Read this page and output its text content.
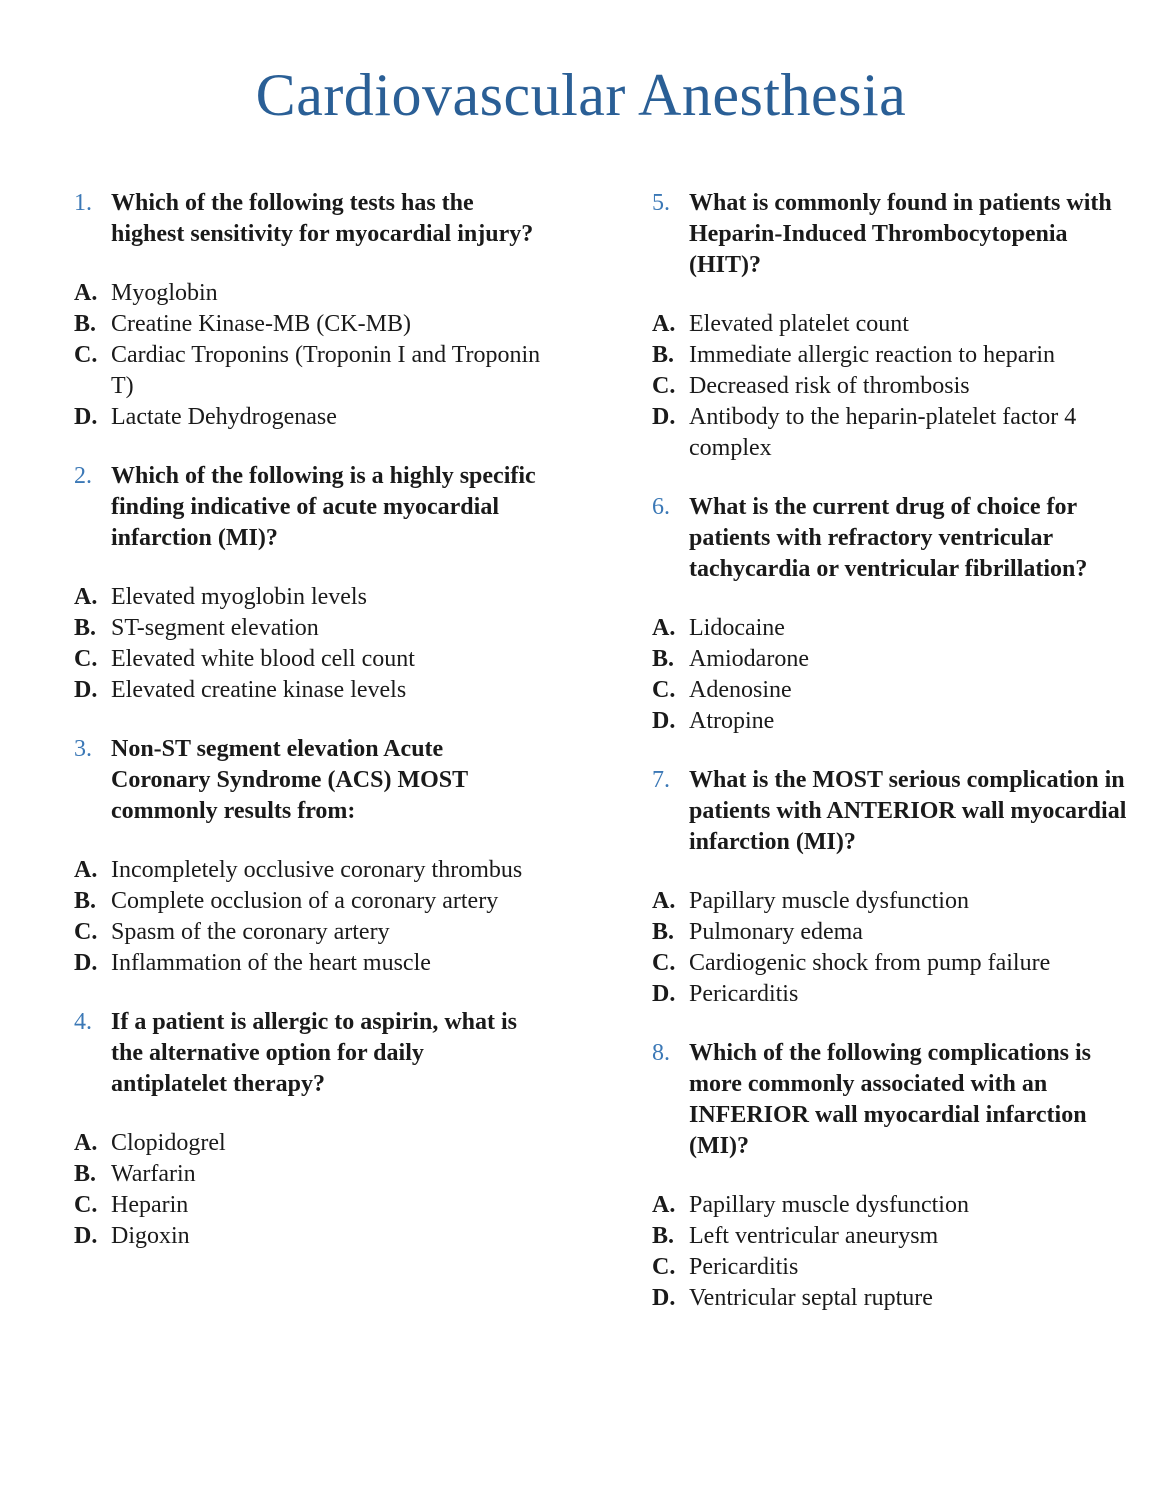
Cardiovascular Anesthesia
1. Which of the following tests has the highest sensitivity for myocardial injury?
A. Myoglobin
B. Creatine Kinase-MB (CK-MB)
C. Cardiac Troponins (Troponin I and Troponin T)
D. Lactate Dehydrogenase
2. Which of the following is a highly specific finding indicative of acute myocardial infarction (MI)?
A. Elevated myoglobin levels
B. ST-segment elevation
C. Elevated white blood cell count
D. Elevated creatine kinase levels
3. Non-ST segment elevation Acute Coronary Syndrome (ACS) MOST commonly results from:
A. Incompletely occlusive coronary thrombus
B. Complete occlusion of a coronary artery
C. Spasm of the coronary artery
D. Inflammation of the heart muscle
4. If a patient is allergic to aspirin, what is the alternative option for daily antiplatelet therapy?
A. Clopidogrel
B. Warfarin
C. Heparin
D. Digoxin
5. What is commonly found in patients with Heparin-Induced Thrombocytopenia (HIT)?
A. Elevated platelet count
B. Immediate allergic reaction to heparin
C. Decreased risk of thrombosis
D. Antibody to the heparin-platelet factor 4 complex
6. What is the current drug of choice for patients with refractory ventricular tachycardia or ventricular fibrillation?
A. Lidocaine
B. Amiodarone
C. Adenosine
D. Atropine
7. What is the MOST serious complication in patients with ANTERIOR wall myocardial infarction (MI)?
A. Papillary muscle dysfunction
B. Pulmonary edema
C. Cardiogenic shock from pump failure
D. Pericarditis
8. Which of the following complications is more commonly associated with an INFERIOR wall myocardial infarction (MI)?
A. Papillary muscle dysfunction
B. Left ventricular aneurysm
C. Pericarditis
D. Ventricular septal rupture
